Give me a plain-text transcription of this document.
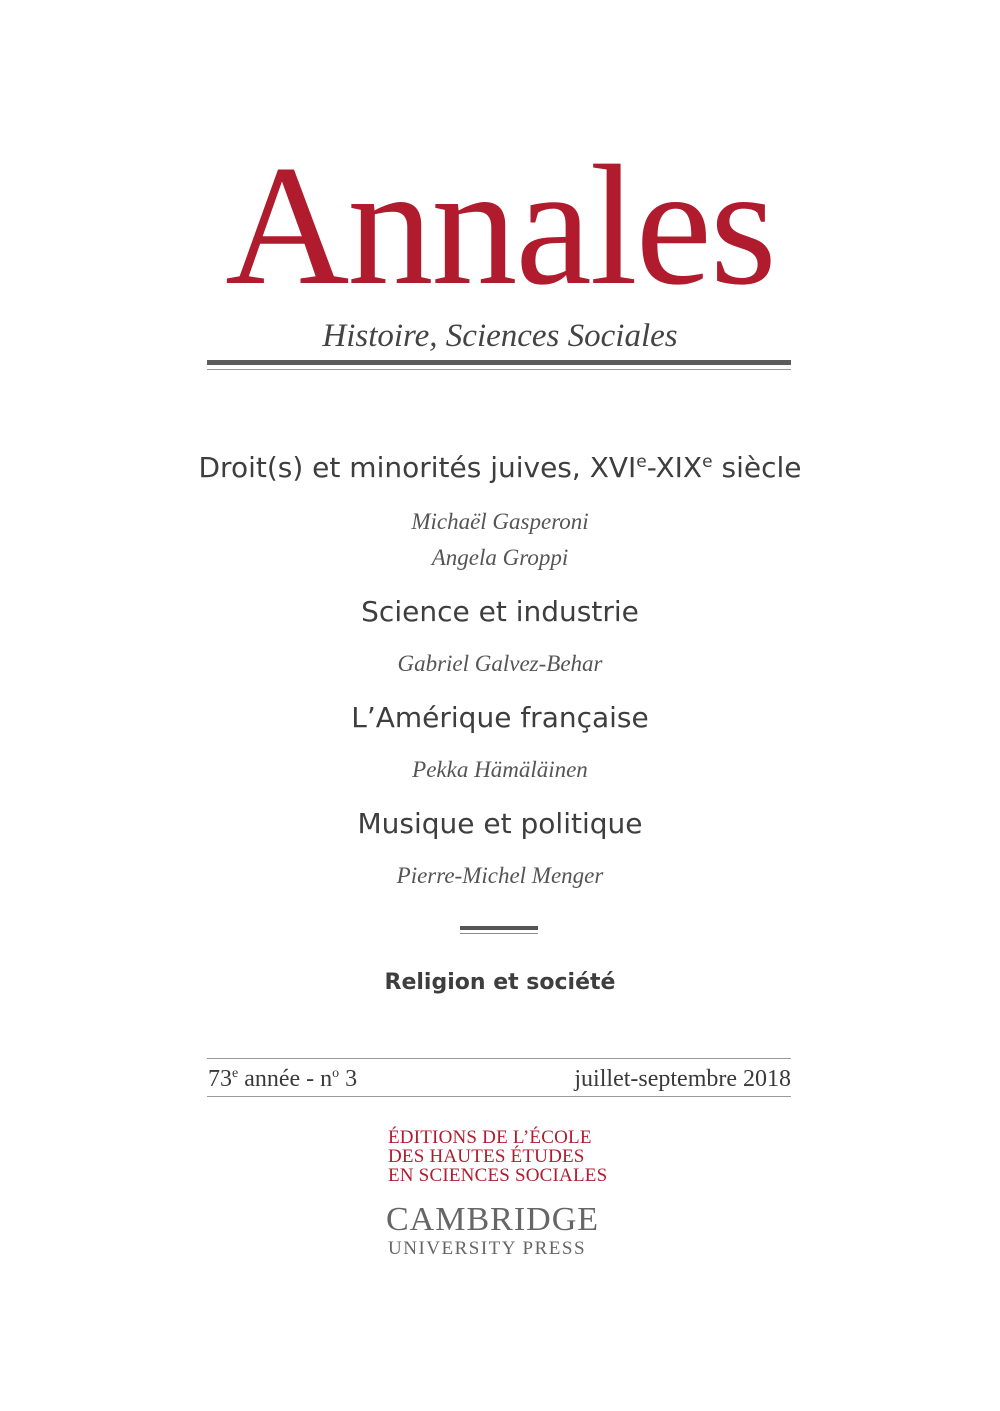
Annales
Histoire, Sciences Sociales
Droit(s) et minorités juives, XVIe-XIXe siècle
Michaël Gasperoni
Angela Groppi
Science et industrie
Gabriel Galvez-Behar
L’Amérique française
Pekka Hämäläinen
Musique et politique
Pierre-Michel Menger
Religion et société
73e année - $n^o$ 3	juillet-septembre 2018
ÉDITIONS DE L’ÉCOLE
DES HAUTES ÉTUDES
EN SCIENCES SOCIALES
CAMBRIDGE
UNIVERSITY PRESS
